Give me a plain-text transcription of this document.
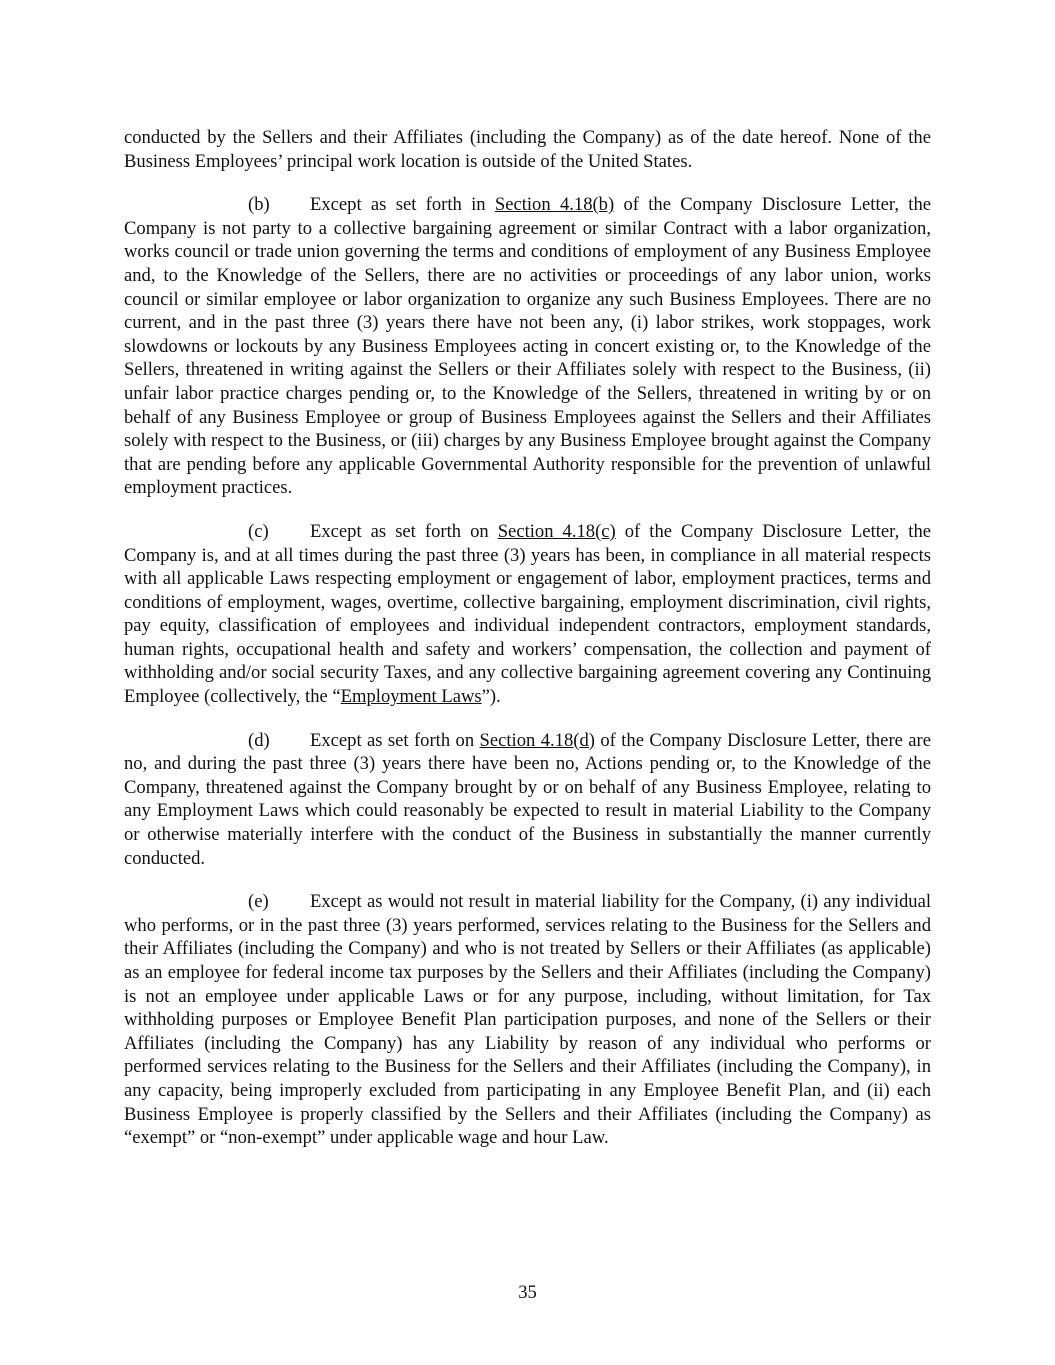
conducted by the Sellers and their Affiliates (including the Company) as of the date hereof. None of the Business Employees’ principal work location is outside of the United States.

(b) Except as set forth in Section 4.18(b) of the Company Disclosure Letter, the Company is not party to a collective bargaining agreement or similar Contract with a labor organization, works council or trade union governing the terms and conditions of employment of any Business Employee and, to the Knowledge of the Sellers, there are no activities or proceedings of any labor union, works council or similar employee or labor organization to organize any such Business Employees. There are no current, and in the past three (3) years there have not been any, (i) labor strikes, work stoppages, work slowdowns or lockouts by any Business Employees acting in concert existing or, to the Knowledge of the Sellers, threatened in writing against the Sellers or their Affiliates solely with respect to the Business, (ii) unfair labor practice charges pending or, to the Knowledge of the Sellers, threatened in writing by or on behalf of any Business Employee or group of Business Employees against the Sellers and their Affiliates solely with respect to the Business, or (iii) charges by any Business Employee brought against the Company that are pending before any applicable Governmental Authority responsible for the prevention of unlawful employment practices.

(c) Except as set forth on Section 4.18(c) of the Company Disclosure Letter, the Company is, and at all times during the past three (3) years has been, in compliance in all material respects with all applicable Laws respecting employment or engagement of labor, employment practices, terms and conditions of employment, wages, overtime, collective bargaining, employment discrimination, civil rights, pay equity, classification of employees and individual independent contractors, employment standards, human rights, occupational health and safety and workers’ compensation, the collection and payment of withholding and/or social security Taxes, and any collective bargaining agreement covering any Continuing Employee (collectively, the “Employment Laws”).

(d) Except as set forth on Section 4.18(d) of the Company Disclosure Letter, there are no, and during the past three (3) years there have been no, Actions pending or, to the Knowledge of the Company, threatened against the Company brought by or on behalf of any Business Employee, relating to any Employment Laws which could reasonably be expected to result in material Liability to the Company or otherwise materially interfere with the conduct of the Business in substantially the manner currently conducted.

(e) Except as would not result in material liability for the Company, (i) any individual who performs, or in the past three (3) years performed, services relating to the Business for the Sellers and their Affiliates (including the Company) and who is not treated by Sellers or their Affiliates (as applicable) as an employee for federal income tax purposes by the Sellers and their Affiliates (including the Company) is not an employee under applicable Laws or for any purpose, including, without limitation, for Tax withholding purposes or Employee Benefit Plan participation purposes, and none of the Sellers or their Affiliates (including the Company) has any Liability by reason of any individual who performs or performed services relating to the Business for the Sellers and their Affiliates (including the Company), in any capacity, being improperly excluded from participating in any Employee Benefit Plan, and (ii) each Business Employee is properly classified by the Sellers and their Affiliates (including the Company) as “exempt” or “non-exempt” under applicable wage and hour Law.

35
